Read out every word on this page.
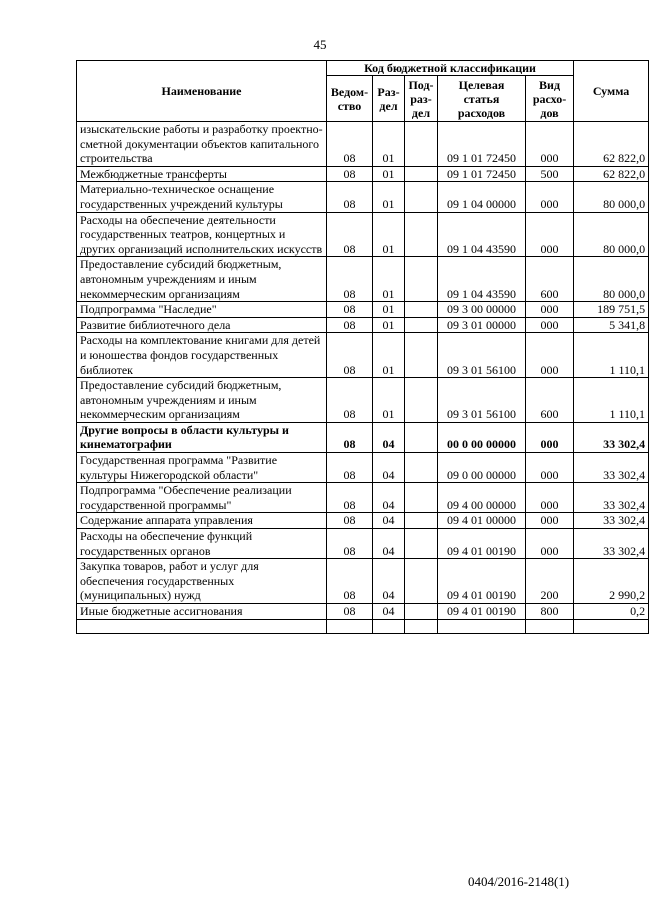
45
Наименование	Код бюджетной классификации					Сумма
	Ведом-ство	Раз-дел	Под-раз-дел	Целевая статья расходов	Вид расхо-дов	
изыскательские работы и разработку проектно-сметной документации объектов капитального строительства	08	01		09 1 01 72450	000	62 822,0
Межбюджетные трансферты	08	01		09 1 01 72450	500	62 822,0
Материально-техническое оснащение государственных учреждений культуры	08	01		09 1 04 00000	000	80 000,0
Расходы на обеспечение деятельности государственных театров, концертных и других организаций исполнительских искусств	08	01		09 1 04 43590	000	80 000,0
Предоставление субсидий бюджетным, автономным учреждениям и иным некоммерческим организациям	08	01		09 1 04 43590	600	80 000,0
Подпрограмма "Наследие"	08	01		09 3 00 00000	000	189 751,5
Развитие библиотечного дела	08	01		09 3 01 00000	000	5 341,8
Расходы на комплектование книгами для детей и юношества фондов государственных библиотек	08	01		09 3 01 56100	000	1 110,1
Предоставление субсидий бюджетным, автономным учреждениям и иным некоммерческим организациям	08	01		09 3 01 56100	600	1 110,1
Другие вопросы в области культуры и кинематографии	08	04		00 0 00 00000	000	33 302,4
Государственная программа "Развитие культуры Нижегородской области"	08	04		09 0 00 00000	000	33 302,4
Подпрограмма "Обеспечение реализации государственной программы"	08	04		09 4 00 00000	000	33 302,4
Содержание аппарата управления	08	04		09 4 01 00000	000	33 302,4
Расходы на обеспечение функций государственных органов	08	04		09 4 01 00190	000	33 302,4
Закупка товаров, работ и услуг для обеспечения государственных (муниципальных) нужд	08	04		09 4 01 00190	200	2 990,2
Иные бюджетные ассигнования	08	04		09 4 01 00190	800	0,2

0404/2016-2148(1)
